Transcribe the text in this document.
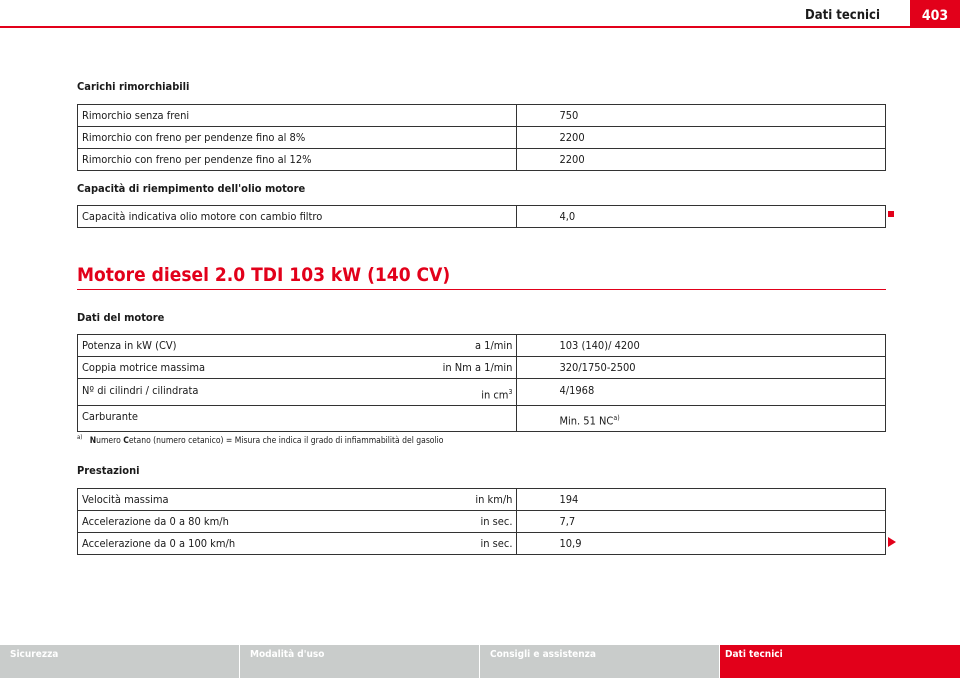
Dati tecnici	403
Carichi rimorchiabili
Rimorchio senza freni	750
Rimorchio con freno per pendenze fino al 8%	2200
Rimorchio con freno per pendenze fino al 12%	2200
Capacità di riempimento dell'olio motore
Capacità indicativa olio motore con cambio filtro	4,0
Motore diesel 2.0 TDI 103 kW (140 CV)
Dati del motore
Potenza in kW (CV)	a 1/min	103 (140)/ 4200
Coppia motrice massima	in Nm a 1/min	320/1750-2500
Nº di cilindri / cilindrata	in $cm^3$	4/1968
Carburante		Min. 51 NC$^{a)}$
$^{a)}$ Numero Cetano (numero cetanico) = Misura che indica il grado di infiammabilità del gasolio
Prestazioni
Velocità massima	in km/h	194
Accelerazione da 0 a 80 km/h	in sec.	7,7
Accelerazione da 0 a 100 km/h	in sec.	10,9
Sicurezza	Modalità d'uso	Consigli e assistenza	Dati tecnici
